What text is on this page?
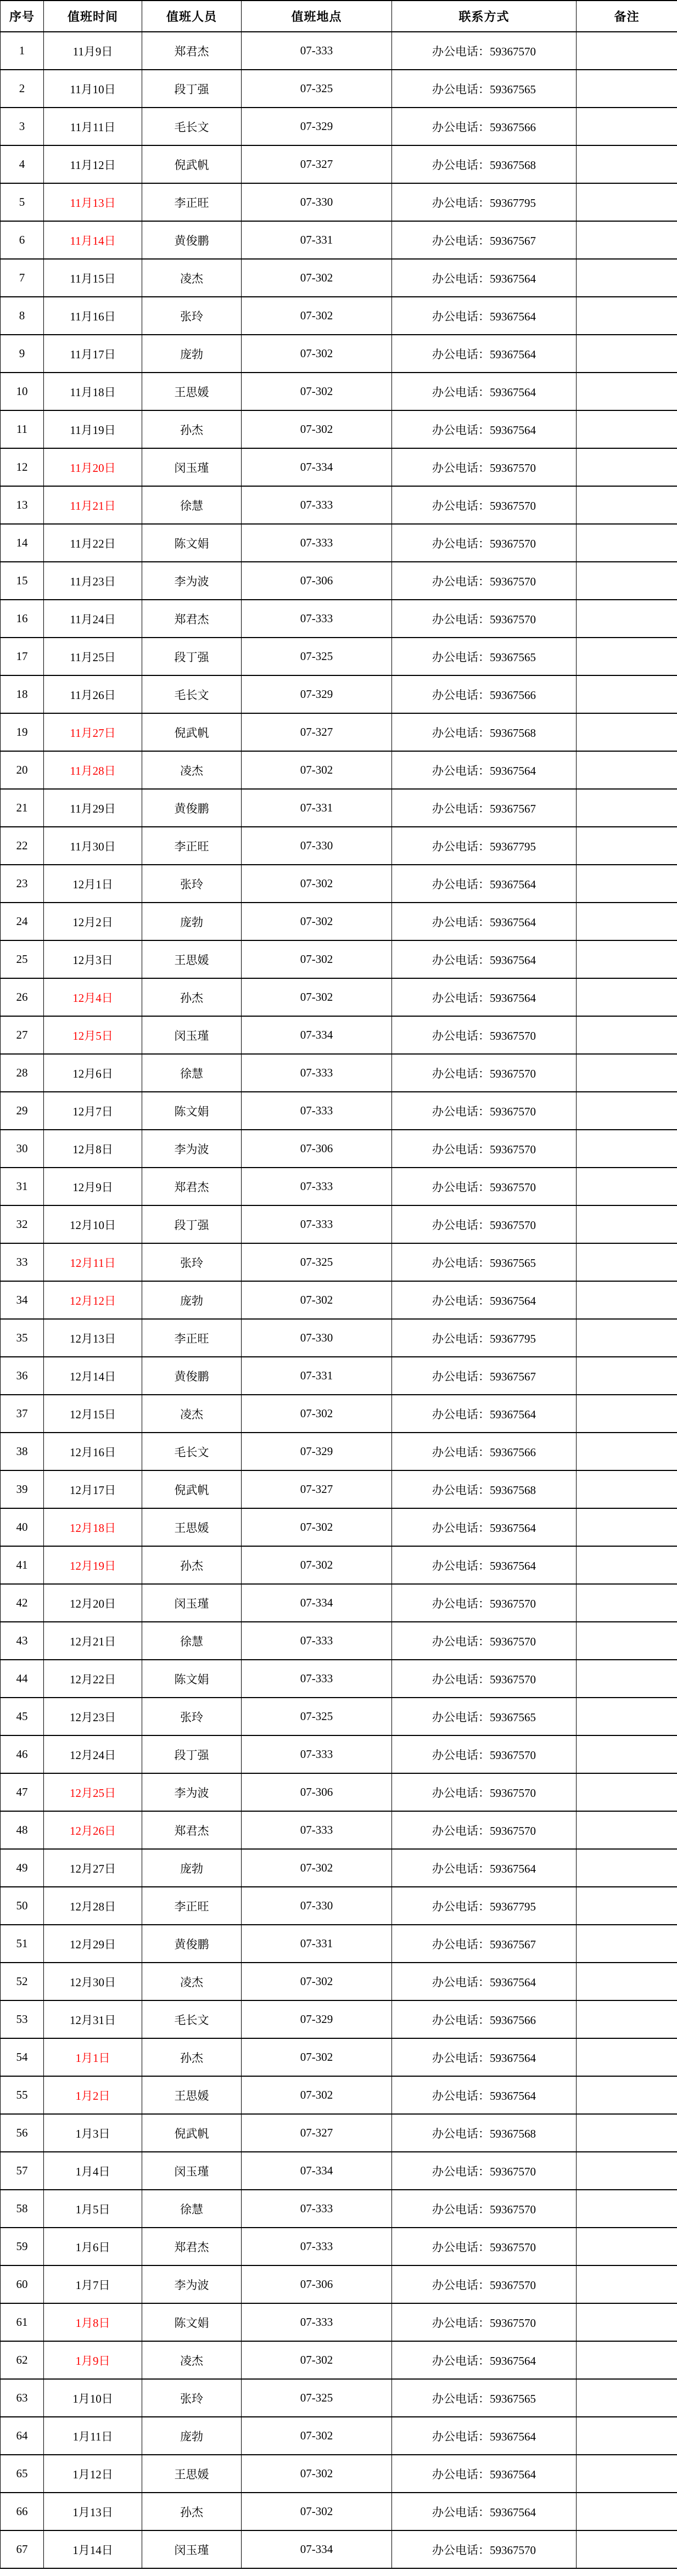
序号	值班时间	值班人员	值班地点	联系方式	备注
1	11月9日	郑君杰	07-333	办公电话：59367570	
2	11月10日	段丁强	07-325	办公电话：59367565	
3	11月11日	毛长文	07-329	办公电话：59367566	
4	11月12日	倪武帆	07-327	办公电话：59367568	
5	11月13日	李正旺	07-330	办公电话：59367795	
6	11月14日	黄俊鹏	07-331	办公电话：59367567	
7	11月15日	凌杰	07-302	办公电话：59367564	
8	11月16日	张玲	07-302	办公电话：59367564	
9	11月17日	庞勃	07-302	办公电话：59367564	
10	11月18日	王思媛	07-302	办公电话：59367564	
11	11月19日	孙杰	07-302	办公电话：59367564	
12	11月20日	闵玉瑾	07-334	办公电话：59367570	
13	11月21日	徐慧	07-333	办公电话：59367570	
14	11月22日	陈文娟	07-333	办公电话：59367570	
15	11月23日	李为波	07-306	办公电话：59367570	
16	11月24日	郑君杰	07-333	办公电话：59367570	
17	11月25日	段丁强	07-325	办公电话：59367565	
18	11月26日	毛长文	07-329	办公电话：59367566	
19	11月27日	倪武帆	07-327	办公电话：59367568	
20	11月28日	凌杰	07-302	办公电话：59367564	
21	11月29日	黄俊鹏	07-331	办公电话：59367567	
22	11月30日	李正旺	07-330	办公电话：59367795	
23	12月1日	张玲	07-302	办公电话：59367564	
24	12月2日	庞勃	07-302	办公电话：59367564	
25	12月3日	王思媛	07-302	办公电话：59367564	
26	12月4日	孙杰	07-302	办公电话：59367564	
27	12月5日	闵玉瑾	07-334	办公电话：59367570	
28	12月6日	徐慧	07-333	办公电话：59367570	
29	12月7日	陈文娟	07-333	办公电话：59367570	
30	12月8日	李为波	07-306	办公电话：59367570	
31	12月9日	郑君杰	07-333	办公电话：59367570	
32	12月10日	段丁强	07-333	办公电话：59367570	
33	12月11日	张玲	07-325	办公电话：59367565	
34	12月12日	庞勃	07-302	办公电话：59367564	
35	12月13日	李正旺	07-330	办公电话：59367795	
36	12月14日	黄俊鹏	07-331	办公电话：59367567	
37	12月15日	凌杰	07-302	办公电话：59367564	
38	12月16日	毛长文	07-329	办公电话：59367566	
39	12月17日	倪武帆	07-327	办公电话：59367568	
40	12月18日	王思媛	07-302	办公电话：59367564	
41	12月19日	孙杰	07-302	办公电话：59367564	
42	12月20日	闵玉瑾	07-334	办公电话：59367570	
43	12月21日	徐慧	07-333	办公电话：59367570	
44	12月22日	陈文娟	07-333	办公电话：59367570	
45	12月23日	张玲	07-325	办公电话：59367565	
46	12月24日	段丁强	07-333	办公电话：59367570	
47	12月25日	李为波	07-306	办公电话：59367570	
48	12月26日	郑君杰	07-333	办公电话：59367570	
49	12月27日	庞勃	07-302	办公电话：59367564	
50	12月28日	李正旺	07-330	办公电话：59367795	
51	12月29日	黄俊鹏	07-331	办公电话：59367567	
52	12月30日	凌杰	07-302	办公电话：59367564	
53	12月31日	毛长文	07-329	办公电话：59367566	
54	1月1日	孙杰	07-302	办公电话：59367564	
55	1月2日	王思媛	07-302	办公电话：59367564	
56	1月3日	倪武帆	07-327	办公电话：59367568	
57	1月4日	闵玉瑾	07-334	办公电话：59367570	
58	1月5日	徐慧	07-333	办公电话：59367570	
59	1月6日	郑君杰	07-333	办公电话：59367570	
60	1月7日	李为波	07-306	办公电话：59367570	
61	1月8日	陈文娟	07-333	办公电话：59367570	
62	1月9日	凌杰	07-302	办公电话：59367564	
63	1月10日	张玲	07-325	办公电话：59367565	
64	1月11日	庞勃	07-302	办公电话：59367564	
65	1月12日	王思媛	07-302	办公电话：59367564	
66	1月13日	孙杰	07-302	办公电话：59367564	
67	1月14日	闵玉瑾	07-334	办公电话：59367570	
